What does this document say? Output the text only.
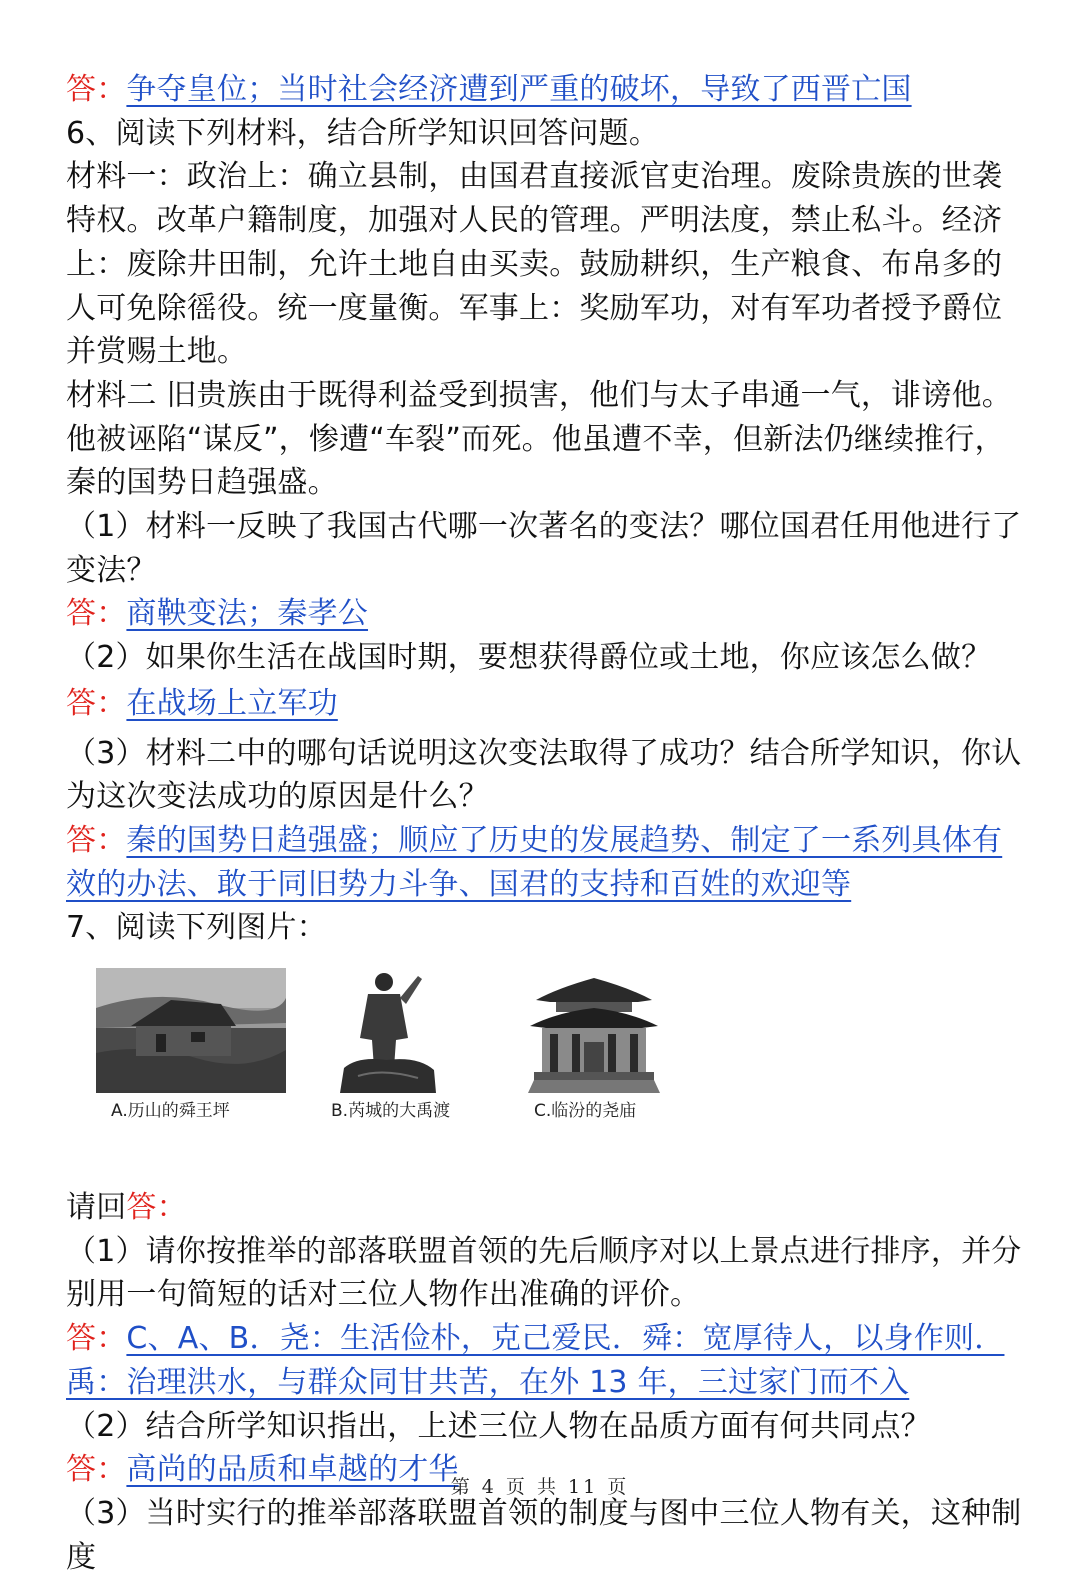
答：争夺皇位；当时社会经济遭到严重的破坏，导致了西晋亡国

6、阅读下列材料，结合所学知识回答问题。

材料一：政治上：确立县制，由国君直接派官吏治理。废除贵族的世袭特权。改革户籍制度，加强对人民的管理。严明法度，禁止私斗。经济上：废除井田制，允许土地自由买卖。鼓励耕织，生产粮食、布帛多的人可免除徭役。统一度量衡。军事上：奖励军功，对有军功者授予爵位并赏赐土地。

材料二 旧贵族由于既得利益受到损害，他们与太子串通一气，诽谤他。他被诬陷“谋反”，惨遭“车裂”而死。他虽遭不幸，但新法仍继续推行，秦的国势日趋强盛。

（1）材料一反映了我国古代哪一次著名的变法？哪位国君任用他进行了变法？

答：商鞅变法；秦孝公

（2）如果你生活在战国时期，要想获得爵位或土地，你应该怎么做？

答：在战场上立军功

（3）材料二中的哪句话说明这次变法取得了成功？结合所学知识，你认为这次变法成功的原因是什么？

答：秦的国势日趋强盛；顺应了历史的发展趋势、制定了一系列具体有效的办法、敢于同旧势力斗争、国君的支持和百姓的欢迎等

7、阅读下列图片：

A.历山的舜王坪	B.芮城的大禹渡	C.临汾的尧庙

请回答：

（1）请你按推举的部落联盟首领的先后顺序对以上景点进行排序，并分别用一句简短的话对三位人物作出准确的评价。

答：C、A、B．尧：生活俭朴，克己爱民．舜：宽厚待人，以身作则．禹：治理洪水，与群众同甘共苦，在外 13 年，三过家门而不入

（2）结合所学知识指出，上述三位人物在品质方面有何共同点？

答：高尚的品质和卓越的才华

（3）当时实行的推举部落联盟首领的制度与图中三位人物有关，这种制度

第 4 页 共 11 页
